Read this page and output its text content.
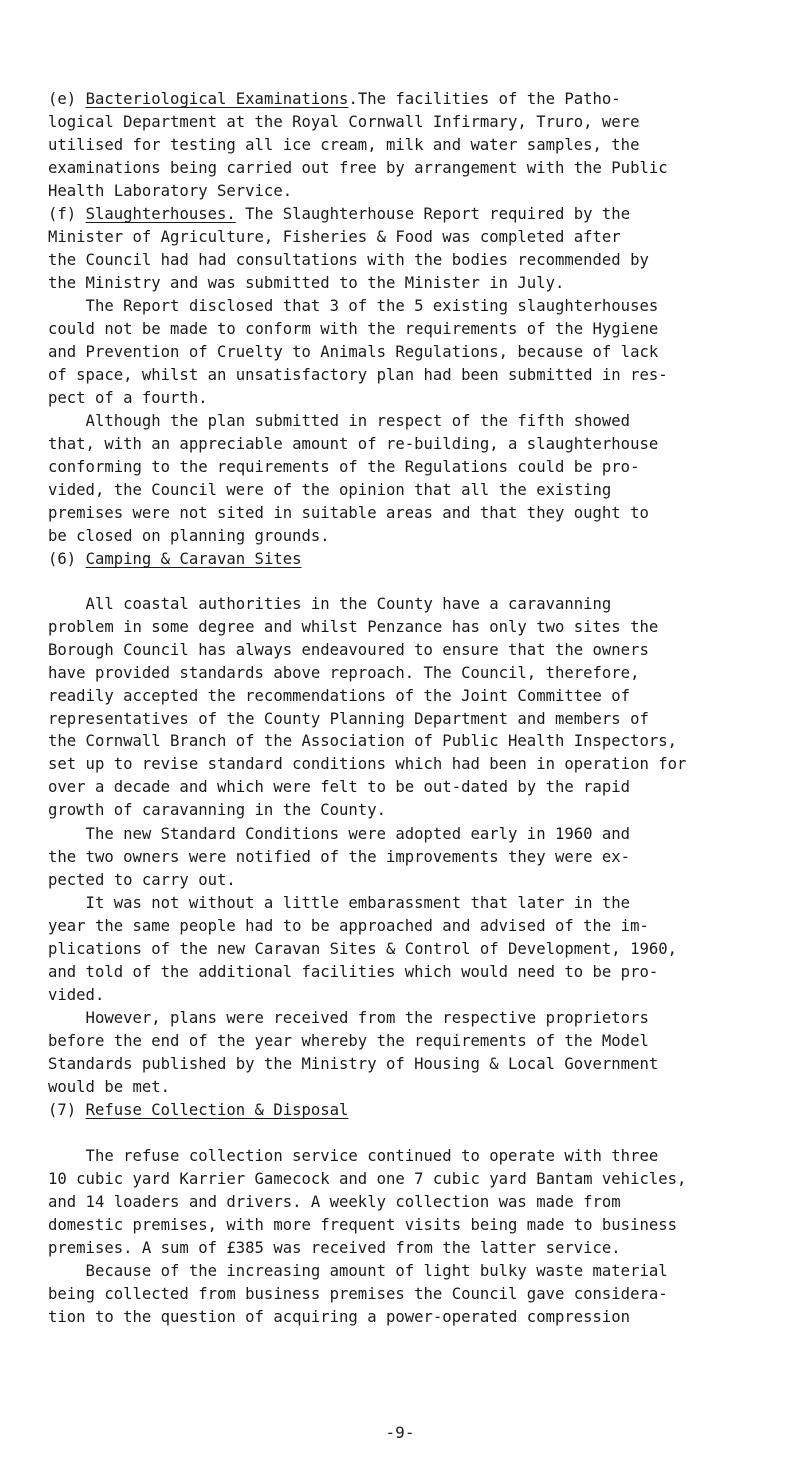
(e) Bacteriological Examinations.The facilities of the Patho-
logical Department at the Royal Cornwall Infirmary, Truro, were
utilised for testing all ice cream, milk and water samples, the
examinations being carried out free by arrangement with the Public
Health Laboratory Service.
(f) Slaughterhouses. The Slaughterhouse Report required by the
Minister of Agriculture, Fisheries & Food was completed after
the Council had had consultations with the bodies recommended by
the Ministry and was submitted to the Minister in July.
The Report disclosed that 3 of the 5 existing slaughterhouses
could not be made to conform with the requirements of the Hygiene
and Prevention of Cruelty to Animals Regulations, because of lack
of space, whilst an unsatisfactory plan had been submitted in res-
pect of a fourth.
Although the plan submitted in respect of the fifth showed
that, with an appreciable amount of re-building, a slaughterhouse
conforming to the requirements of the Regulations could be pro-
vided, the Council were of the opinion that all the existing
premises were not sited in suitable areas and that they ought to
be closed on planning grounds.
(6) Camping & Caravan Sites
All coastal authorities in the County have a caravanning
problem in some degree and whilst Penzance has only two sites the
Borough Council has always endeavoured to ensure that the owners
have provided standards above reproach. The Council, therefore,
readily accepted the recommendations of the Joint Committee of
representatives of the County Planning Department and members of
the Cornwall Branch of the Association of Public Health Inspectors,
set up to revise standard conditions which had been in operation for
over a decade and which were felt to be out-dated by the rapid
growth of caravanning in the County.
The new Standard Conditions were adopted early in 1960 and
the two owners were notified of the improvements they were ex-
pected to carry out.
It was not without a little embarassment that later in the
year the same people had to be approached and advised of the im-
plications of the new Caravan Sites & Control of Development, 1960,
and told of the additional facilities which would need to be pro-
vided.
However, plans were received from the respective proprietors
before the end of the year whereby the requirements of the Model
Standards published by the Ministry of Housing & Local Government
would be met.
(7) Refuse Collection & Disposal
The refuse collection service continued to operate with three
10 cubic yard Karrier Gamecock and one 7 cubic yard Bantam vehicles,
and 14 loaders and drivers. A weekly collection was made from
domestic premises, with more frequent visits being made to business
premises. A sum of £385 was received from the latter service.
Because of the increasing amount of light bulky waste material
being collected from business premises the Council gave considera-
tion to the question of acquiring a power-operated compression
-9-
